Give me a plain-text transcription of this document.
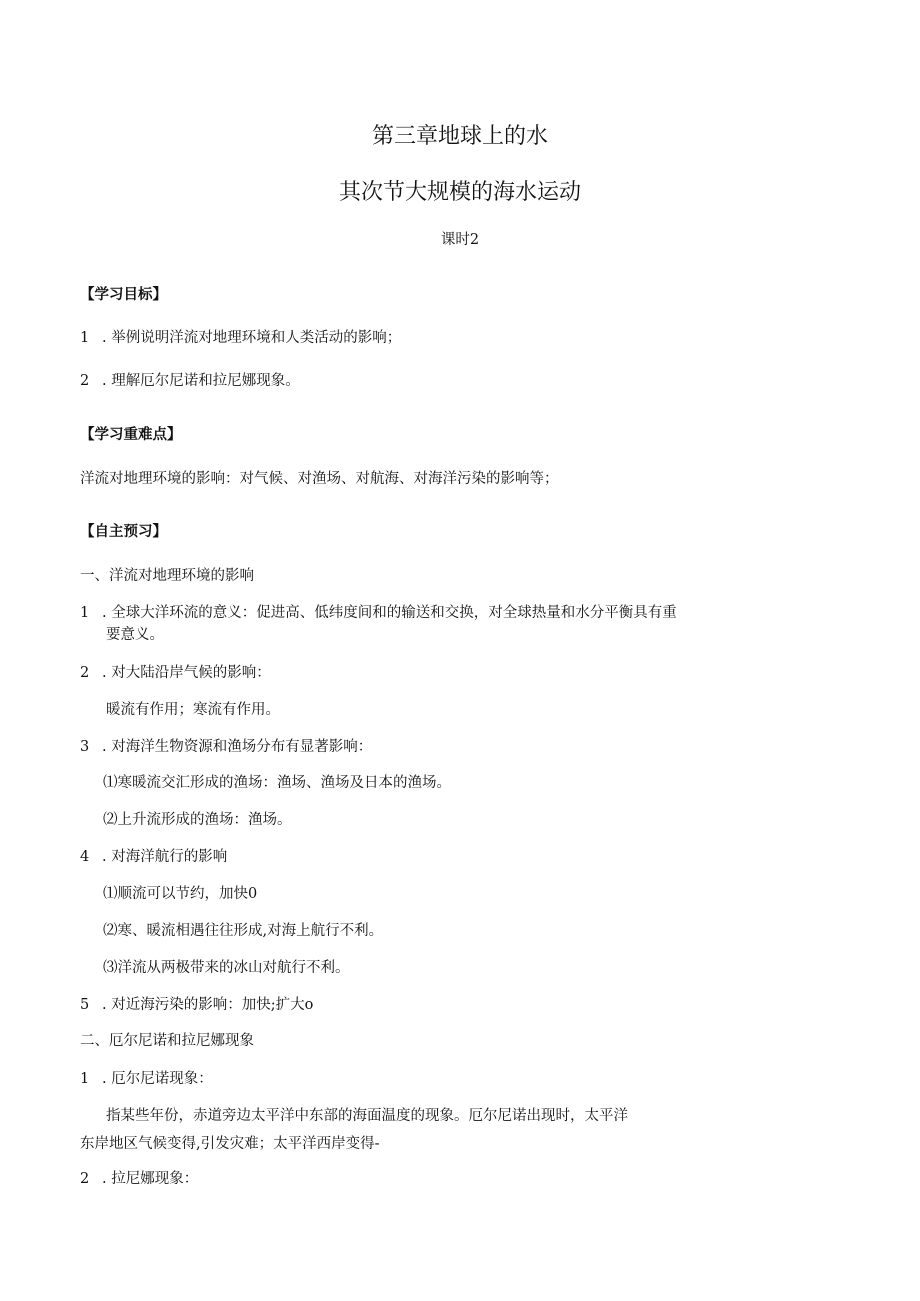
第三章地球上的水
其次节大规模的海水运动
课时2
【学习目标】
1 . 举例说明洋流对地理环境和人类活动的影响；
2 . 理解厄尔尼诺和拉尼娜现象。
【学习重难点】
洋流对地理环境的影响：对气候、对渔场、对航海、对海洋污染的影响等；
【自主预习】
一、洋流对地理环境的影响
1 . 全球大洋环流的意义：促进高、低纬度间和的输送和交换，对全球热量和水分平衡具有重
要意义。
2 . 对大陆沿岸气候的影响：
暖流有作用；寒流有作用。
3 . 对海洋生物资源和渔场分布有显著影响：
⑴寒暖流交汇形成的渔场：渔场、渔场及日本的渔场。
⑵上升流形成的渔场：渔场。
4 . 对海洋航行的影响
⑴顺流可以节约，加快0
⑵寒、暖流相遇往往形成,对海上航行不利。
⑶洋流从两极带来的冰山对航行不利。
5 . 对近海污染的影响：加快;扩大o
二、厄尔尼诺和拉尼娜现象
1 . 厄尔尼诺现象：
指某些年份，赤道旁边太平洋中东部的海面温度的现象。厄尔尼诺出现时，太平洋
东岸地区气候变得,引发灾难；太平洋西岸变得-
2 . 拉尼娜现象：
